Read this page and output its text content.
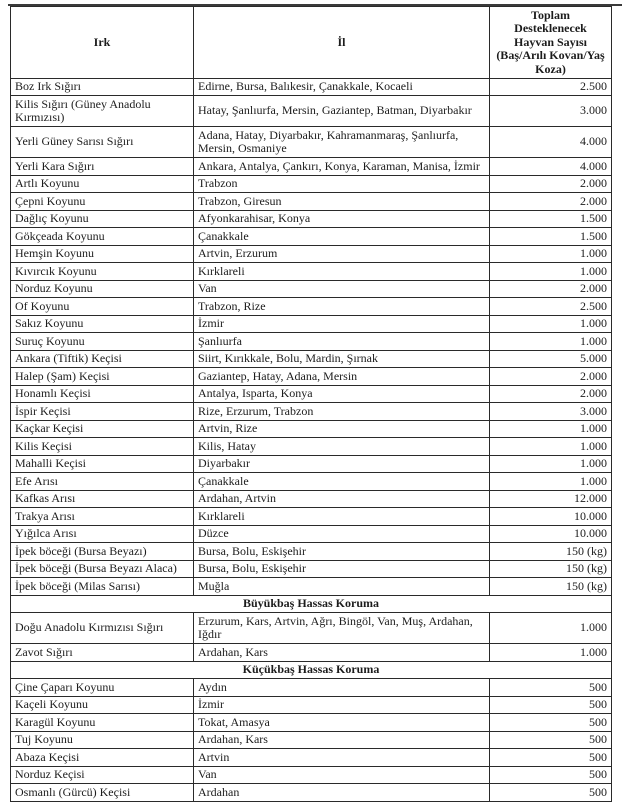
Irk	İl	Toplam Desteklenecek Hayvan Sayısı (Baş/Arılı Kovan/Yaş Koza)
Boz Irk Sığırı	Edirne, Bursa, Balıkesir, Çanakkale, Kocaeli	2.500
Kilis Sığırı (Güney Anadolu Kırmızısı)	Hatay, Şanlıurfa, Mersin, Gaziantep, Batman, Diyarbakır	3.000
Yerli Güney Sarısı Sığırı	Adana, Hatay, Diyarbakır, Kahramanmaraş, Şanlıurfa, Mersin, Osmaniye	4.000
Yerli Kara Sığırı	Ankara, Antalya, Çankırı, Konya, Karaman, Manisa, İzmir	4.000
Artlı Koyunu	Trabzon	2.000
Çepni Koyunu	Trabzon, Giresun	2.000
Dağlıç Koyunu	Afyonkarahisar, Konya	1.500
Gökçeada Koyunu	Çanakkale	1.500
Hemşin Koyunu	Artvin, Erzurum	1.000
Kıvırcık Koyunu	Kırklareli	1.000
Norduz Koyunu	Van	2.000
Of Koyunu	Trabzon, Rize	2.500
Sakız Koyunu	İzmir	1.000
Suruç Koyunu	Şanlıurfa	1.000
Ankara (Tiftik) Keçisi	Siirt, Kırıkkale, Bolu, Mardin, Şırnak	5.000
Halep (Şam) Keçisi	Gaziantep, Hatay, Adana, Mersin	2.000
Honamlı Keçisi	Antalya, Isparta, Konya	2.000
İspir Keçisi	Rize, Erzurum, Trabzon	3.000
Kaçkar Keçisi	Artvin, Rize	1.000
Kilis Keçisi	Kilis, Hatay	1.000
Mahalli Keçisi	Diyarbakır	1.000
Efe Arısı	Çanakkale	1.000
Kafkas Arısı	Ardahan, Artvin	12.000
Trakya Arısı	Kırklareli	10.000
Yığılca Arısı	Düzce	10.000
İpek böceği (Bursa Beyazı)	Bursa, Bolu, Eskişehir	150 (kg)
İpek böceği (Bursa Beyazı Alaca)	Bursa, Bolu, Eskişehir	150 (kg)
İpek böceği (Milas Sarısı)	Muğla	150 (kg)
Büyükbaş Hassas Koruma		
Doğu Anadolu Kırmızısı Sığırı	Erzurum, Kars, Artvin, Ağrı, Bingöl, Van, Muş, Ardahan, Iğdır	1.000
Zavot Sığırı	Ardahan, Kars	1.000
Küçükbaş Hassas Koruma		
Çine Çaparı Koyunu	Aydın	500
Kaçeli Koyunu	İzmir	500
Karagül Koyunu	Tokat, Amasya	500
Tuj Koyunu	Ardahan, Kars	500
Abaza Keçisi	Artvin	500
Norduz Keçisi	Van	500
Osmanlı (Gürcü) Keçisi	Ardahan	500
